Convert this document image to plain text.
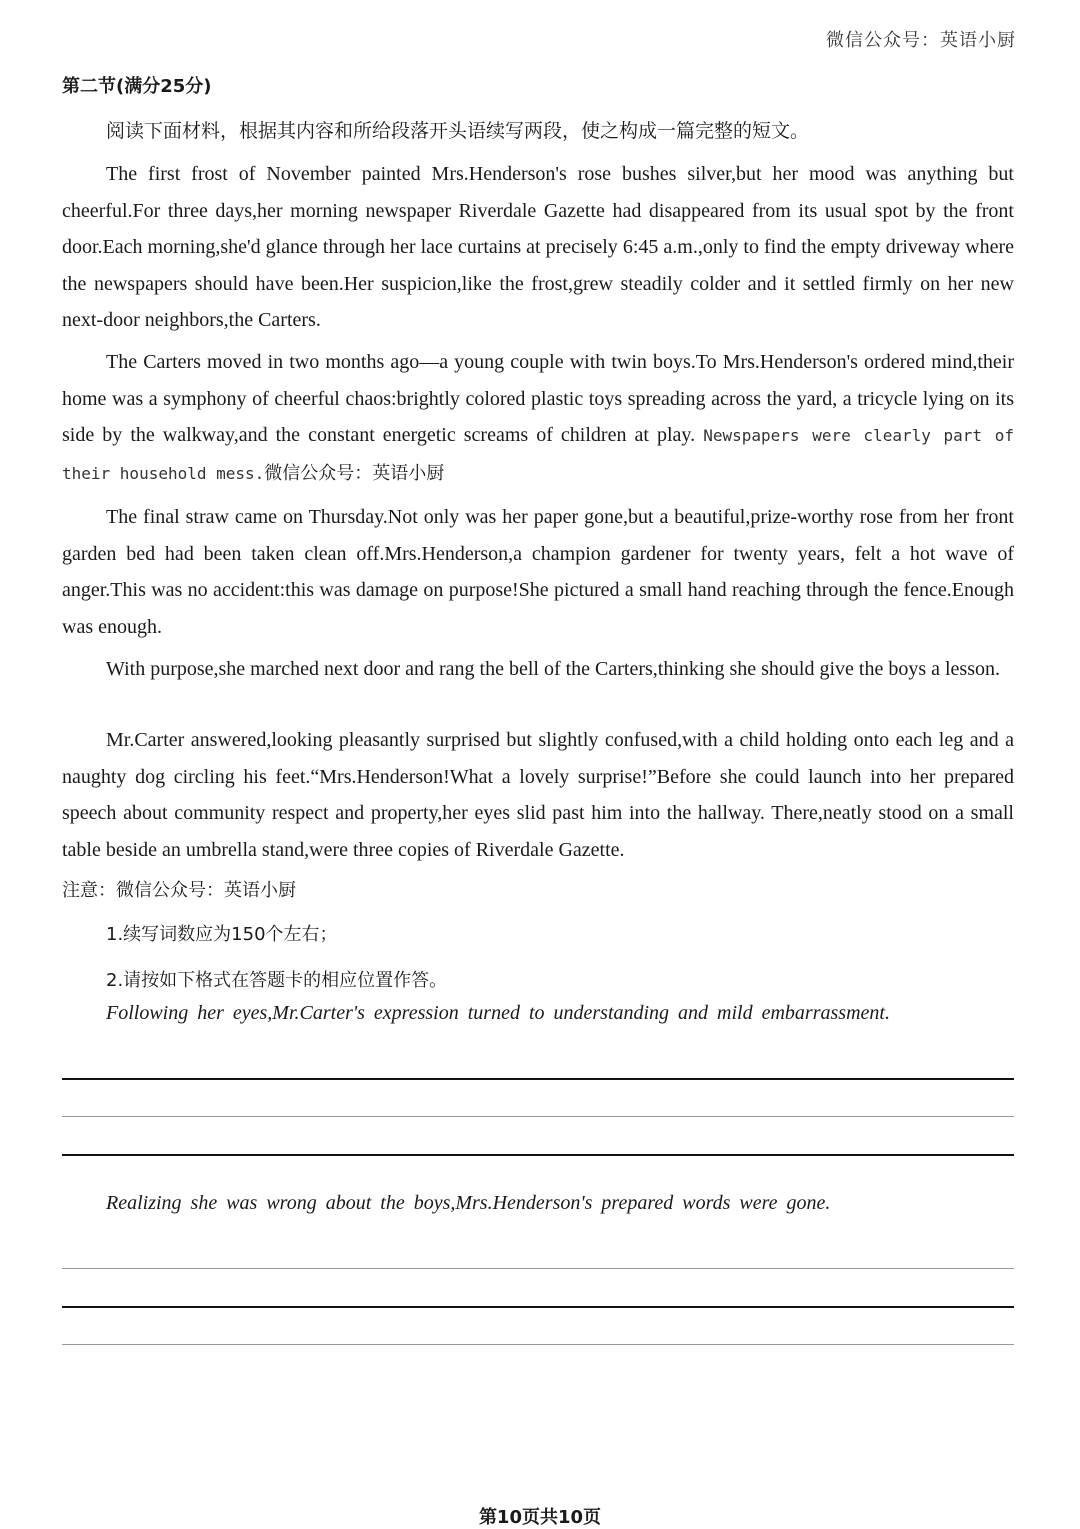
微信公众号：英语小厨
第二节(满分25分)
阅读下面材料，根据其内容和所给段落开头语续写两段，使之构成一篇完整的短文。

The first frost of November painted Mrs.Henderson's rose bushes silver,but her mood was anything but cheerful.For three days,her morning newspaper Riverdale Gazette had disappeared from its usual spot by the front door.Each morning,she'd glance through her lace curtains at precisely 6:45 a.m.,only to find the empty driveway where the newspapers should have been.Her suspicion,like the frost,grew steadily colder and it settled firmly on her new next-door neighbors,the Carters.

The Carters moved in two months ago—a young couple with twin boys.To Mrs.Henderson's ordered mind,their home was a symphony of cheerful chaos:brightly colored plastic toys spreading across the yard, a tricycle lying on its side by the walkway,and the constant energetic screams of children at play. Newspapers were clearly part of their household mess.微信公众号：英语小厨

The final straw came on Thursday.Not only was her paper gone,but a beautiful,prize-worthy rose from her front garden bed had been taken clean off.Mrs.Henderson,a champion gardener for twenty years, felt a hot wave of anger.This was no accident:this was damage on purpose!She pictured a small hand reaching through the fence.Enough was enough.

With purpose,she marched next door and rang the bell of the Carters,thinking she should give the boys a lesson.

Mr.Carter answered,looking pleasantly surprised but slightly confused,with a child holding onto each leg and a naughty dog circling his feet.“Mrs.Henderson!What a lovely surprise!”Before she could launch into her prepared speech about community respect and property,her eyes slid past him into the hallway. There,neatly stood on a small table beside an umbrella stand,were three copies of Riverdale Gazette.

注意：微信公众号：英语小厨
1.续写词数应为150个左右；
2.请按如下格式在答题卡的相应位置作答。
Following her eyes,Mr.Carter's expression turned to understanding and mild embarrassment.
Realizing she was wrong about the boys,Mrs.Henderson's prepared words were gone.
第10页共10页
